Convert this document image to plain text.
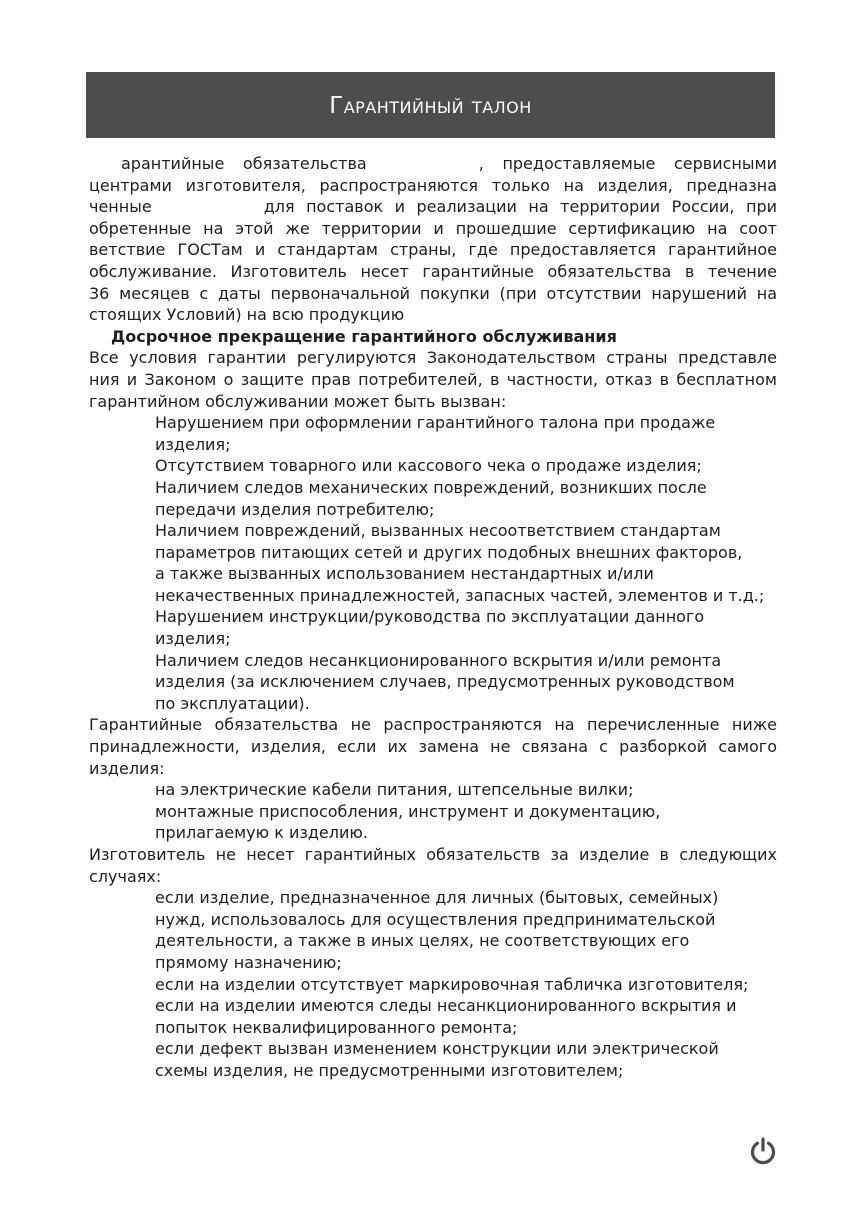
Гарантийный талон
арантийные обязательства	, предоставляемые сервисными
центрами изготовителя, распространяются только на изделия, предназна
ченные	для поставок и реализации на территории России, при
обретенные на этой же территории и прошедшие сертификацию на соот
ветствие ГОСТам и стандартам страны, где предоставляется гарантийное
обслуживание. Изготовитель несет гарантийные обязательства в течение
36 месяцев с даты первоначальной покупки (при отсутствии нарушений на
стоящих Условий) на всю продукцию
Досрочное прекращение гарантийного обслуживания
Все условия гарантии регулируются Законодательством страны представле
ния и Законом о защите прав потребителей, в частности, отказ в бесплатном
гарантийном обслуживании может быть вызван:
Нарушением при оформлении гарантийного талона при продаже
изделия;
Отсутствием товарного или кассового чека о продаже изделия;
Наличием следов механических повреждений, возникших после
передачи изделия потребителю;
Наличием повреждений, вызванных несоответствием стандартам
параметров питающих сетей и других подобных внешних факторов,
а также вызванных использованием нестандартных и/или
некачественных принадлежностей, запасных частей, элементов и т.д.;
Нарушением инструкции/руководства по эксплуатации данного
изделия;
Наличием следов несанкционированного вскрытия и/или ремонта
изделия (за исключением случаев, предусмотренных руководством
по эксплуатации).
Гарантийные обязательства не распространяются на перечисленные ниже
принадлежности, изделия, если их замена не связана с разборкой самого
изделия:
на электрические кабели питания, штепсельные вилки;
монтажные приспособления, инструмент и документацию,
прилагаемую к изделию.
Изготовитель не несет гарантийных обязательств за изделие в следующих
случаях:
если изделие, предназначенное для личных (бытовых, семейных)
нужд, использовалось для осуществления предпринимательской
деятельности, а также в иных целях, не соответствующих его
прямому назначению;
если на изделии отсутствует маркировочная табличка изготовителя;
если на изделии имеются следы несанкционированного вскрытия и
попыток неквалифицированного ремонта;
если дефект вызван изменением конструкции или электрической
схемы изделия, не предусмотренными изготовителем;
